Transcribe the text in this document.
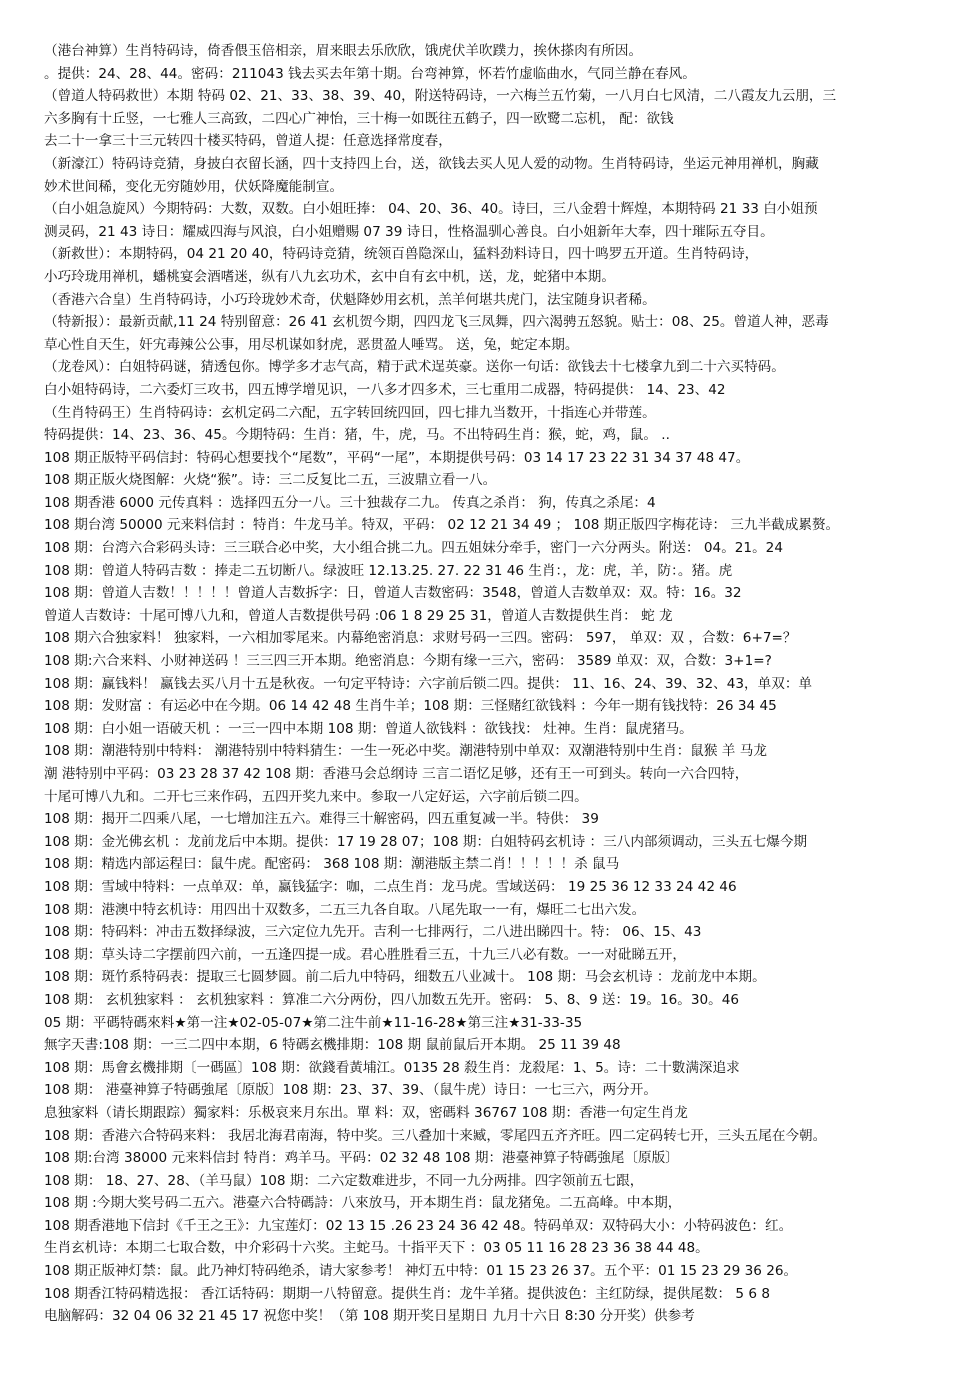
（港台神算）生肖特码诗，倚香偎玉倍相亲，眉来眼去乐欣欣，饿虎伏羊吹蹼力，挨休搽肉有所因。
。提供：24、28、44。密码：211043 钱去买去年第十期。台弯神算，怀若竹虚临曲水，气同兰静在春风。
（曾道人特码救世）本期 特码 02、21、33、38、39、40，附送特码诗，一六梅兰五竹菊，一八月白七风清，二八霞友九云朋，三
六多胸有十丘竖，一七雅人三高致，二四心广神怡，三十梅一如既往五鹤子，四一欧鹭二忘机， 配：欲钱
去二十一拿三十三元转四十楼买特码，曾道人提：任意选择常度春，
（新濠江）特码诗竞猜，身披白衣留长涵，四十支持四上台，送，欲钱去买人见人爱的动物。生肖特码诗，坐运元神用禅机，胸藏
妙术世间稀，变化无穷随妙用，伏妖降魔能制宣。
（白小姐急旋风）今期特码：大数，双数。白小姐旺捧： 04、20、36、40。诗曰，三八金碧十辉煌，本期特码 21 33 白小姐预
测灵码，21 43 诗日：耀威四海与风浪，白小姐赠赐 07 39 诗日，性格温驯心善良。白小姐新年大奉，四十璀际五夺目。
（新救世）：本期特码，04 21 20 40，特码诗竞猜，统领百兽隐深山，猛料劲料诗日，四十鸣罗五开道。生肖特码诗，
小巧玲珑用禅机，蟠桃宴会酒嗜迷，纵有八九玄功术，玄中自有玄中机，送，龙，蛇猪中本期。
（香港六合皇）生肖特码诗，小巧玲珑妙术奇，伏魁降妙用玄机，羔羊何堪共虎门，法宝随身识者稀。
（特新报）：最新贡献,11 24 特别留意：26 41 玄机贺今期，四四龙飞三凤舞，四六渴骋五怒貌。贴士：08、25。曾道人神，恶毒
草心性自天生，奸宄毒辣公公事，用尽机谋如豺虎，恶贯盈人唾骂。 送，兔，蛇定本期。
（龙卷风）：白姐特码谜，猜透包你。博学多才志气高，精于武术逞英豪。送你一句话：欲钱去十七楼拿九到二十六买特码。
白小姐特码诗，二六委灯三攻书，四五博学增见识，一八多才四多术，三七重用二成器，特码提供： 14、23、42
（生肖特码王）生肖特码诗：玄机定码二六配，五字转回统四回，四七排九当数开，十指连心并带莲。
特码提供：14、23、36、45。今期特码：生肖：猪，牛，虎，马。不出特码生肖：猴，蛇，鸡，鼠。 ..
108 期正版特平码信封：特码心想要找个“尾数”，平码“一尾”，本期提供号码：03 14 17 23 22 31 34 37 48 47。
108 期正版火烧图解：火烧“猴”。诗：三二反复比二五，三波鼎立看一八。
108 期香港 6000 元传真料 ：选择四五分一八。三十独裁存二九。 传真之杀肖： 狗，传真之杀尾：4
108 期台湾 50000 元来料信封 ：特肖：牛龙马羊。特双，平码： 02 12 21 34 49 ； 108 期正版四字梅花诗： 三九半截成累赘。
108 期：台湾六合彩码头诗：三三联合必中奖，大小组合挑二九。四五姐妹分牵手，密门一六分两头。附送： 04。21。24
108 期：曾道人特码吉数 ：捧走二五切断八。绿波旺 12.13.25. 27. 22 31 46 生肖：，龙：虎，羊，防：。猪。虎
108 期：曾道人吉数！！！！！曾道人吉数拆字：日，曾道人吉数密码：3548，曾道人吉数单双：双。特：16。32
曾道人吉数诗：十尾可博八九和，曾道人吉数提供号码 :06 1 8 29 25 31，曾道人吉数提供生肖： 蛇 龙
108 期六合独家料！ 独家料，一六相加零尾来。内幕绝密消息：求财号码一三四。密码： 597， 单双：双 ，合数：6+7=？
108 期:六合来料、小财神送码 ！三三四三开本期。绝密消息：今期有缘一三六，密码： 3589 单双：双，合数：3+1=?
108 期：赢钱料！ 赢钱去买八月十五是秋夜。一句定平特诗：六字前后锁二四。提供： 11、16、24、39、32、43，单双：单
108 期：发财富 ：有运必中在今期。06 14 42 48 生肖牛羊；108 期：三怪赌红欲钱料 ：今年一期有钱找特：26 34 45
108 期：白小姐一语破天机 ：一三一四中本期 108 期：曾道人欲钱料 ：欲钱找： 灶神。生肖：鼠虎猪马。
108 期：潮港特别中特料： 潮港特别中特料猜生：一生一死必中奖。潮港特别中单双：双潮港特别中生肖：鼠猴 羊 马龙
潮 港特别中平码：03 23 28 37 42 108 期：香港马会总纲诗 三言二语忆足够，还有王一可到头。转向一六合四特，
十尾可博八九和。二开七三来作码，五四开奖九来中。参取一八定好运，六字前后锁二四。
108 期：揭开二四乘八尾，一七增加注五六。难得三十解密码，四五重复减一半。特供： 39
108 期：金光佛玄机 ：龙前龙后中本期。提供：17 19 28 07；108 期：白姐特码玄机诗 ：三八内部须调动，三头五七爆今期
108 期：精选内部运程曰：鼠牛虎。配密码： 368 108 期：潮港版主禁二肖！！！！！杀 鼠马
108 期：雪域中特料：一点单双：单，赢钱猛字：咖，二点生肖：龙马虎。雪域送码： 19 25 36 12 33 24 42 46
108 期：港澳中特玄机诗：用四出十双数多，二五三九各自取。八尾先取一一有，爆旺二七出六发。
108 期：特码料：冲击五数择绿波，三六定位九先开。吉利一七排两行，二八进出睇四十。特： 06、15、43
108 期：草头诗二字摆前四六前，一五逢四提一成。君心胜胜看三五，十九三八必有数。一一对砒睇五开，
108 期：斑竹系特码表：提取三七圆梦圆。前二后九中特码，细数五八业减十。 108 期：马会玄机诗 ：龙前龙中本期。
108 期： 玄机独家料 ： 玄机独家料 ：算准二六分两份，四八加数五先开。密码： 5、8、9 送：19。16。30。46
05 期：平碼特碼來料★第一注★02-05-07★第二注牛前★11-16-28★第三注★31-33-35
無字天書:108 期：一三二四中本期，6 特碼玄機排期：108 期 鼠前鼠后开本期。 25 11 39 48
108 期：馬會玄機排期〔一碼區〕108 期：欲錢看黃埔江。0135 28 殺生肖：龙殺尾：1、5。诗：二十數满深追求
108 期： 港臺神算子特碼強尾〔原版〕108 期：23、37、39、（鼠牛虎）诗日：一七三六，两分开。
息独家料（请长期跟踪）獨家料：乐极哀来月东出。單 料：双，密碼料 36767 108 期：香港一句定生肖龙
108 期：香港六合特码来料： 我居北海君南海，特中奖。三八叠加十来臧，零尾四五齐齐旺。四二定码转七开，三头五尾在今朝。
108 期:台湾 38000 元来料信封 特肖：鸡羊马。平码：02 32 48 108 期：港臺神算子特碼強尾〔原版〕
108 期： 18、27、28、（羊马鼠）108 期：二六定数难进步，不同一九分两排。四字领前五七跟，
108 期 :今期大奖号码二五六。港臺六合特碼詩：八來放马，开本期生肖：鼠龙猪兔。二五高峰。中本期，
108 期香港地下信封《千王之王》：九宝莲灯：02 13 15 .26 23 24 36 42 48。特码单双：双特码大小：小特码波色：红。
生肖玄机诗：本期二七取合数，中介彩码十六奖。主蛇马。十指平天下 ：03 05 11 16 28 23 36 38 44 48。
108 期正版神灯禁：鼠。此乃神灯特码绝杀，请大家参考！ 神灯五中特：01 15 23 26 37。五个平：01 15 23 29 36 26。
108 期香江特码精选报： 香江话特码：期期一八特留意。提供生肖：龙牛羊猪。提供波色：主红防绿，提供尾数： 5 6 8
电脑解码：32 04 06 32 21 45 17 祝您中奖！（第 108 期开奖日星期日 九月十六日 8:30 分开奖）供参考
